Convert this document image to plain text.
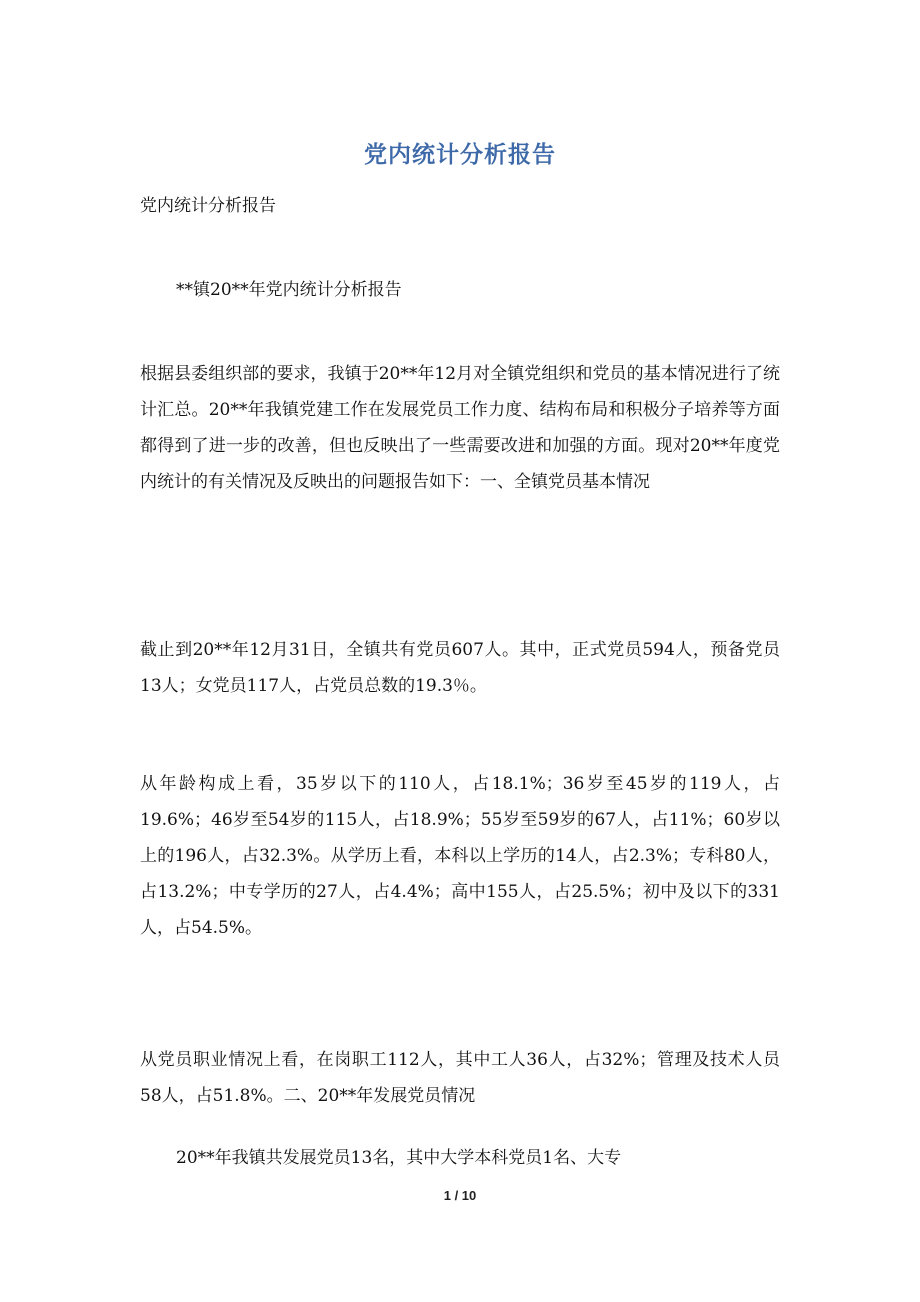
党内统计分析报告
党内统计分析报告
**镇20**年党内统计分析报告
根据县委组织部的要求，我镇于20**年12月对全镇党组织和党员的基本情况进行了统计汇总。20**年我镇党建工作在发展党员工作力度、结构布局和积极分子培养等方面都得到了进一步的改善，但也反映出了一些需要改进和加强的方面。现对20**年度党内统计的有关情况及反映出的问题报告如下：一、全镇党员基本情况
截止到20**年12月31日，全镇共有党员607人。其中，正式党员594人，预备党员13人；女党员117人，占党员总数的19.3％。
从年龄构成上看，35岁以下的110人，占18.1%；36岁至45岁的119人，占19.6%；46岁至54岁的115人，占18.9%；55岁至59岁的67人，占11%；60岁以上的196人，占32.3%。从学历上看，本科以上学历的14人，占2.3%；专科80人，占13.2%；中专学历的27人，占4.4%；高中155人，占25.5%；初中及以下的331人，占54.5%。
从党员职业情况上看，在岗职工112人，其中工人36人，占32%；管理及技术人员58人，占51.8%。二、20**年发展党员情况
20**年我镇共发展党员13名，其中大学本科党员1名、大专
1 / 10
